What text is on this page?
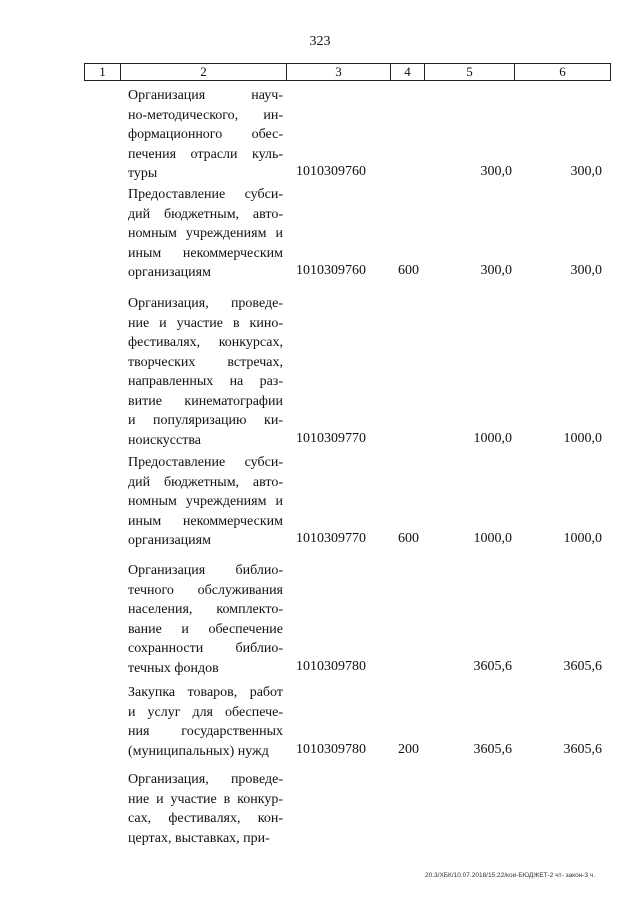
323
1	2	3	4	5	6
Организация науч-
но-методического, ин-
формационного обес-
печения отрасли куль-
туры	1010309760	300,0	300,0
Предоставление субси-
дий бюджетным, авто-
номным учреждениям и
иным некоммерческим
организациям	1010309760 600	300,0	300,0
Организация, проведе-
ние и участие в кино-
фестивалях, конкурсах,
творческих встречах,
направленных на раз-
витие кинематографии
и популяризацию ки-
ноискусства	1010309770	1000,0	1000,0
Предоставление субси-
дий бюджетным, авто-
номным учреждениям и
иным некоммерческим
организациям	1010309770 600	1000,0	1000,0
Организация библио-
течного обслуживания
населения, комплекто-
вание и обеспечение
сохранности библио-
течных фондов	1010309780	3605,6	3605,6
Закупка товаров, работ
и услуг для обеспече-
ния государственных
(муниципальных) нужд	1010309780 200	3605,6	3605,6
Организация, проведе-
ние и участие в конкур-
сах, фестивалях, кон-
цертах, выставках, при-
20.3/ХБК/10.07.2018/15:22/кои-БЮДЖЕТ-2 чт- закон-3 ч.
